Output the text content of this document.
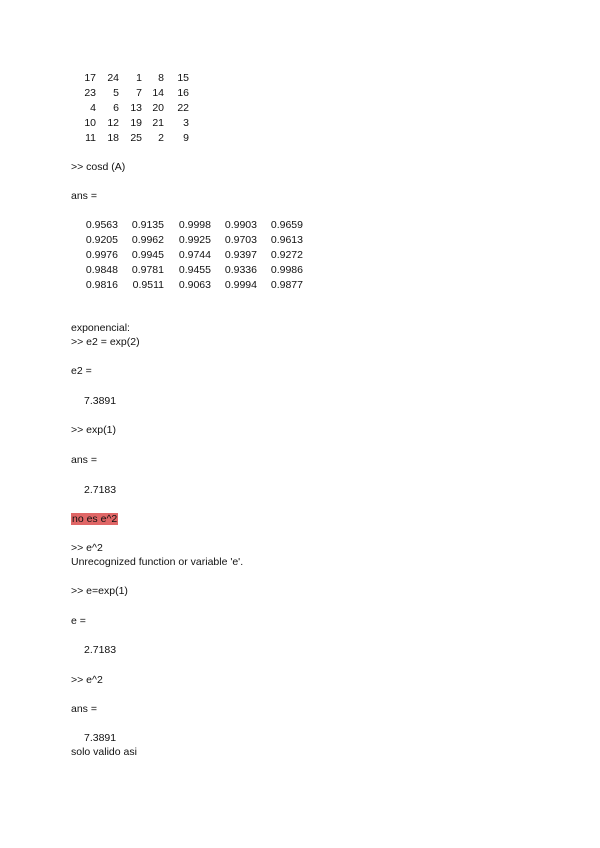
17	24	1	8	15
23	5	7 14	16
4	6	13 20	22
10	12	19 21	3
11	18	25	2	9
>> cosd (A)
ans =
0.9563	0.9135	0.9998	0.9903	0.9659
0.9205	0.9962	0.9925	0.9703	0.9613
0.9976	0.9945	0.9744	0.9397	0.9272
0.9848	0.9781	0.9455	0.9336	0.9986
0.9816	0.9511	0.9063	0.9994	0.9877
exponencial:
>> e2 = exp(2)
e2 =
7.3891
>> exp(1)
ans =
2.7183
no es e^2
>> e^2
Unrecognized function or variable 'e'.
>> e=exp(1)
e =
2.7183
>> e^2
ans =
7.3891
solo valido asi
